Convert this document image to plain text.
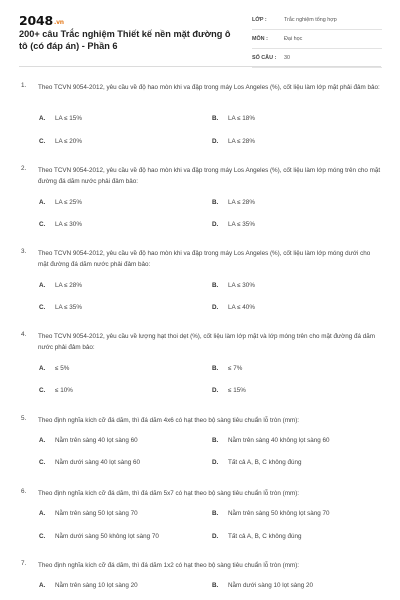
2048.vn
200+ câu Trắc nghiệm Thiết kế nền mặt đường ô tô (có đáp án) - Phần 6
LỚP :	Trắc nghiệm tổng hợp
MÔN :	Đại học
SỐ CÂU : 30
1. Theo TCVN 9054-2012, yêu cầu về độ hao mòn khi va đập trong máy Los Angeles (%), cốt liệu làm lớp mặt phải đảm bảo:
A. LA ≤ 15%	B. LA ≤ 18%
C. LA ≤ 20%	D. LA ≤ 28%
2. Theo TCVN 9054-2012, yêu cầu về độ hao mòn khi va đập trong máy Los Angeles (%), cốt liệu làm lớp móng trên cho mặt đường đá dăm nước phải đảm bảo:
A. LA ≤ 25%	B. LA ≤ 28%
C. LA ≤ 30%	D. LA ≤ 35%
3. Theo TCVN 9054-2012, yêu cầu về độ hao mòn khi va đập trong máy Los Angeles (%), cốt liệu làm lớp móng dưới cho mặt đường đá dăm nước phải đảm bảo:
A. LA ≤ 28%	B. LA ≤ 30%
C. LA ≤ 35%	D. LA ≤ 40%
4. Theo TCVN 9054-2012, yêu cầu về lượng hạt thoi dẹt (%), cốt liệu làm lớp mặt và lớp móng trên cho mặt đường đá dăm nước phải đảm bảo:
A. ≤ 5%	B. ≤ 7%
C. ≤ 10%	D. ≤ 15%
5. Theo định nghĩa kích cỡ đá dăm, thì đá dăm 4x6 có hạt theo bộ sàng tiêu chuẩn lỗ tròn (mm):
A. Nằm trên sàng 40 lọt sàng 60	B. Nằm trên sàng 40 không lọt sàng 60
C. Nằm dưới sàng 40 lọt sàng 60	D. Tất cả A, B, C không đúng
6. Theo định nghĩa kích cỡ đá dăm, thì đá dăm 5x7 có hạt theo bộ sàng tiêu chuẩn lỗ tròn (mm):
A. Nằm trên sàng 50 lọt sàng 70	B. Nằm trên sàng 50 không lọt sàng 70
C. Nằm dưới sàng 50 không lọt sàng 70	D. Tất cả A, B, C không đúng
7. Theo định nghĩa kích cỡ đá dăm, thì đá dăm 1x2 có hạt theo bộ sàng tiêu chuẩn lỗ tròn (mm):
A. Nằm trên sàng 10 lọt sàng 20	B. Nằm dưới sàng 10 lọt sàng 20
